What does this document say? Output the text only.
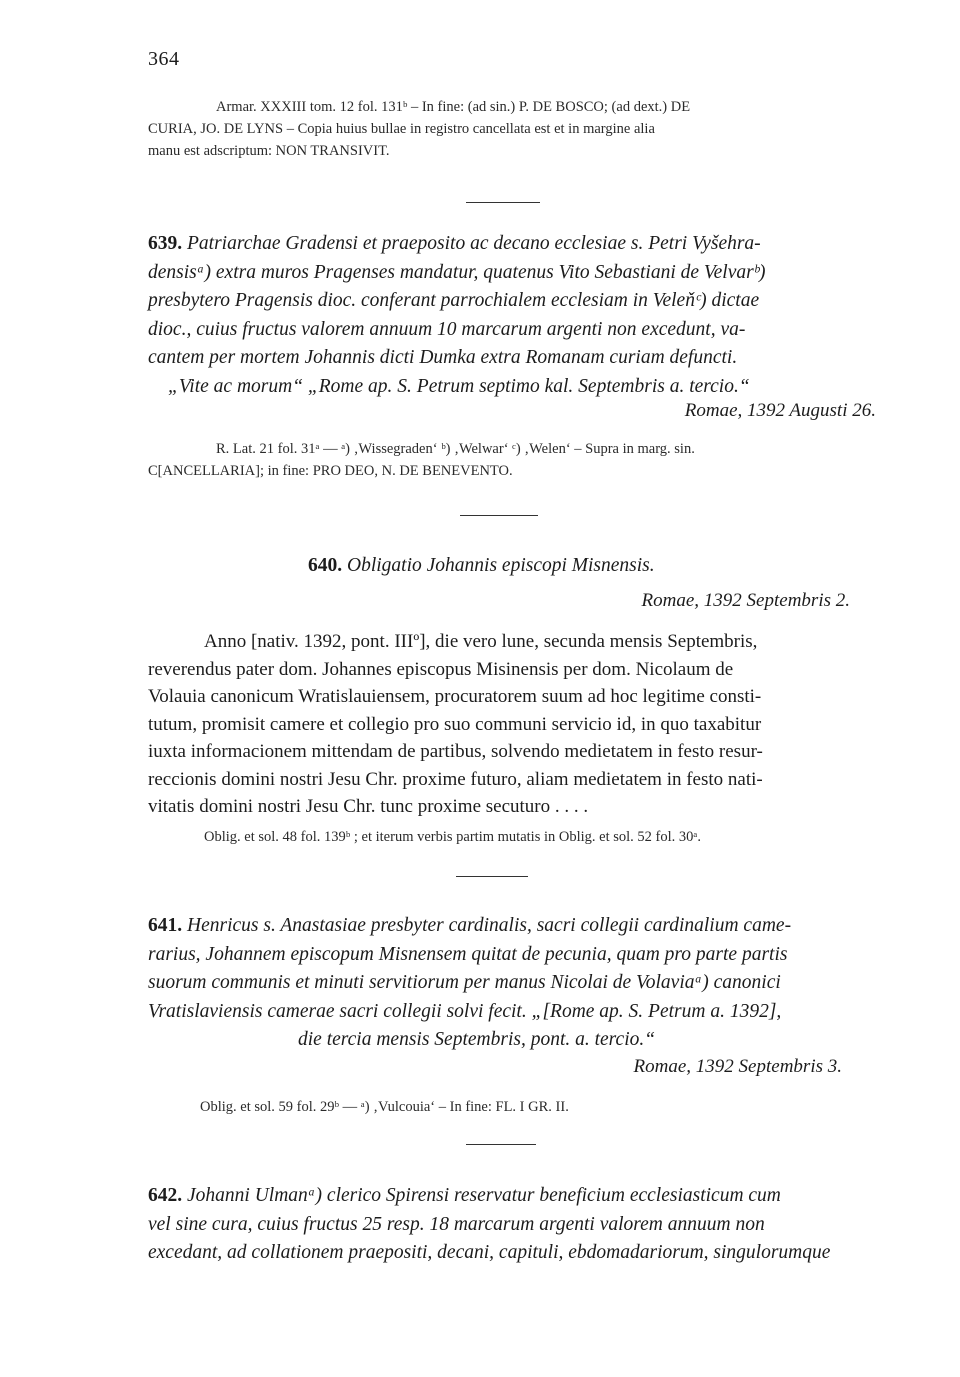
364
Armar. XXXIII tom. 12 fol. 131ᵇ – In fine: (ad sin.) P. DE BOSCO; (ad dext.) DE
CURIA, JO. DE LYNS – Copia huius bullae in registro cancellata est et in margine alia
manu est adscriptum: NON TRANSIVIT.
639. Patriarchae Gradensi et praeposito ac decano ecclesiae s. Petri Vyšehra-
densisᵃ) extra muros Pragenses mandatur, quatenus Vito Sebastiani de Velvarᵇ)
presbytero Pragensis dioc. conferant parrochialem ecclesiam in Veleňᶜ) dictae
dioc., cuius fructus valorem annuum 10 marcarum argenti non excedunt, va-
cantem per mortem Johannis dicti Dumka extra Romanam curiam defuncti.
„Vite ac morum“ „Rome ap. S. Petrum septimo kal. Septembris a. tercio.“
Romae, 1392 Augusti 26.
R. Lat. 21 fol. 31ᵃ — ᵃ) ‚Wissegraden‘ ᵇ) ‚Welwar‘ ᶜ) ‚Welen‘ – Supra in marg. sin.
C[ANCELLARIA]; in fine: PRO DEO, N. DE BENEVENTO.
640. Obligatio Johannis episcopi Misnensis.
Romae, 1392 Septembris 2.
Anno [nativ. 1392, pont. IIIº], die vero lune, secunda mensis Septembris,
reverendus pater dom. Johannes episcopus Misinensis per dom. Nicolaum de
Volauia canonicum Wratislauiensem, procuratorem suum ad hoc legitime consti-
tutum, promisit camere et collegio pro suo communi servicio id, in quo taxabitur
iuxta informacionem mittendam de partibus, solvendo medietatem in festo resur-
reccionis domini nostri Jesu Chr. proxime futuro, aliam medietatem in festo nati-
vitatis domini nostri Jesu Chr. tunc proxime secuturo . . . .
Oblig. et sol. 48 fol. 139ᵇ ; et iterum verbis partim mutatis in Oblig. et sol. 52 fol. 30ᵃ.
641. Henricus s. Anastasiae presbyter cardinalis, sacri collegii cardinalium came-
rarius, Johannem episcopum Misnensem quitat de pecunia, quam pro parte partis
suorum communis et minuti servitiorum per manus Nicolai de Volaviaᵃ) canonici
Vratislaviensis camerae sacri collegii solvi fecit. „[Rome ap. S. Petrum a. 1392],
die tercia mensis Septembris, pont. a. tercio.“
Romae, 1392 Septembris 3.
Oblig. et sol. 59 fol. 29ᵇ — ᵃ) ‚Vulcouia‘ – In fine: FL. I GR. II.
642. Johanni Ulmanᵃ) clerico Spirensi reservatur beneficium ecclesiasticum cum
vel sine cura, cuius fructus 25 resp. 18 marcarum argenti valorem annuum non
excedant, ad collationem praepositi, decani, capituli, ebdomadariorum, singulorumque
